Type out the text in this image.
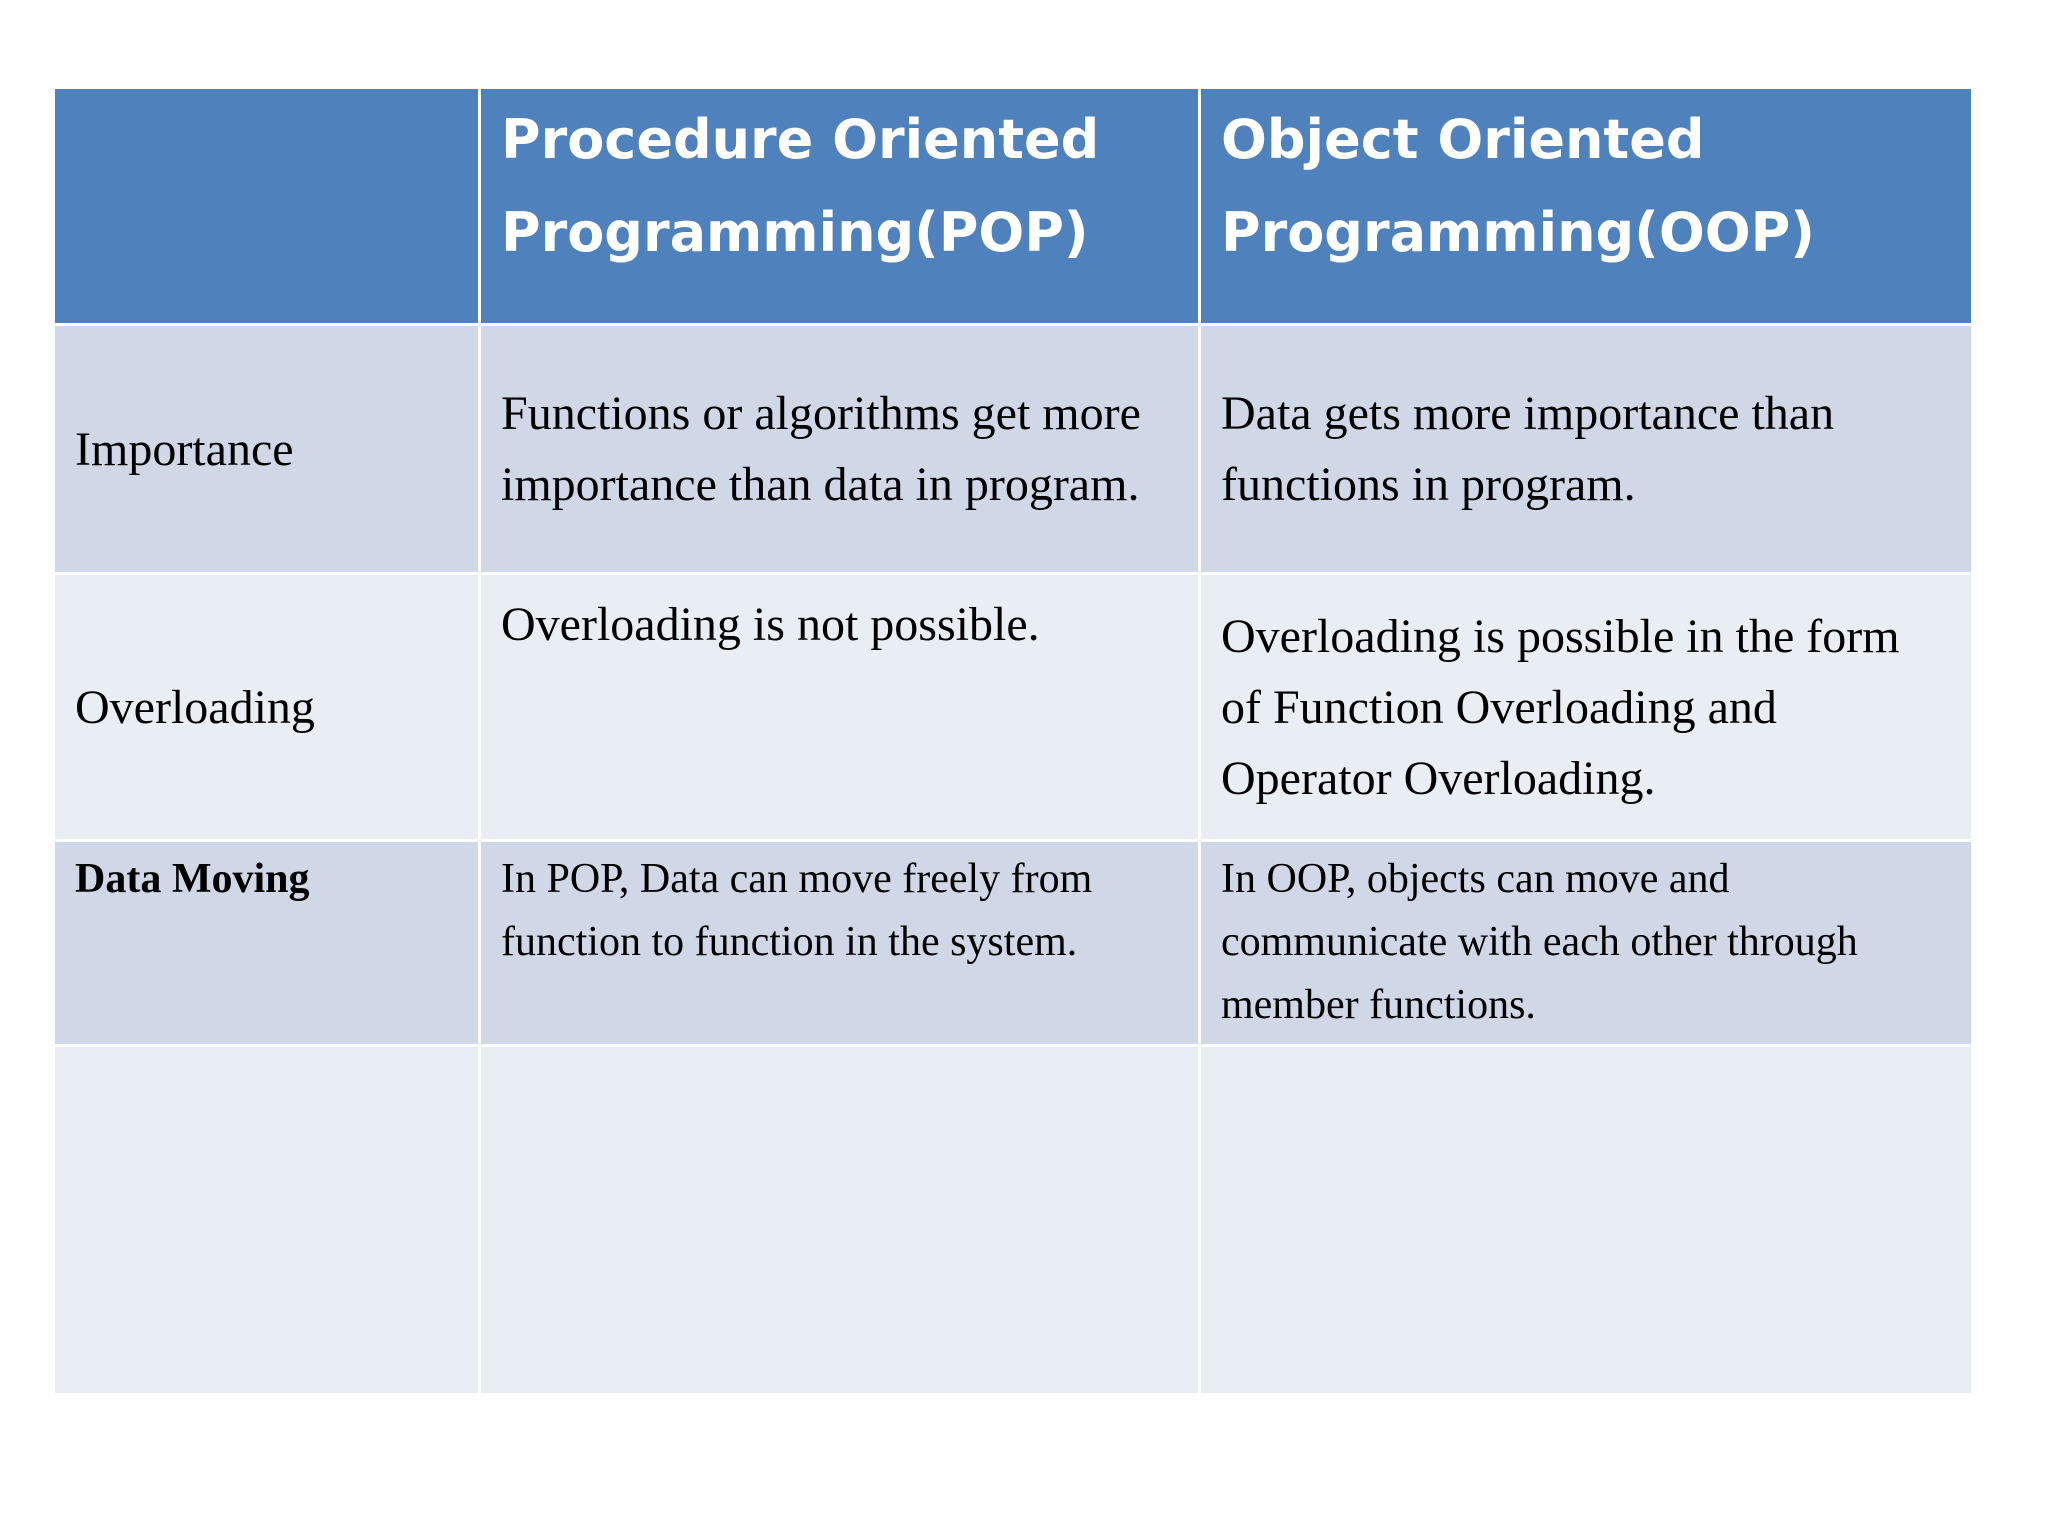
	Procedure Oriented Programming(POP)	Object Oriented Programming(OOP)
Importance	Functions or algorithms get more importance than data in program.	Data gets more importance than functions in program.
Overloading	Overloading is not possible.	Overloading is possible in the form of Function Overloading and Operator Overloading.
Data Moving	In POP, Data can move freely from function to function in the system.	In OOP, objects can move and communicate with each other through member functions.
